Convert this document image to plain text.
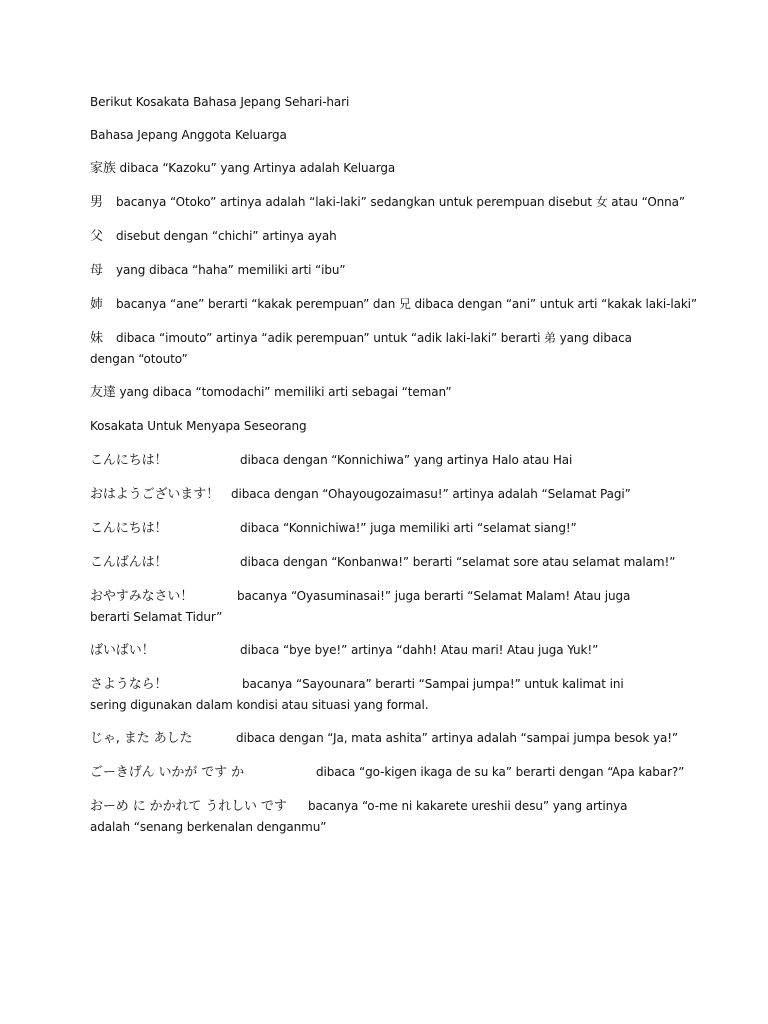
Berikut Kosakata Bahasa Jepang Sehari-hari
Bahasa Jepang Anggota Keluarga
家族 dibaca “Kazoku” yang Artinya adalah Keluarga
男 bacanya “Otoko” artinya adalah “laki-laki” sedangkan untuk perempuan disebut 女 atau “Onna”
父 disebut dengan “chichi” artinya ayah
母 yang dibaca “haha” memiliki arti “ibu”
姉 bacanya “ane” berarti “kakak perempuan” dan 兄 dibaca dengan “ani” untuk arti “kakak laki-laki”
妹 dibaca “imouto” artinya “adik perempuan” untuk “adik laki-laki” berarti 弟 yang dibaca dengan “otouto”
友達 yang dibaca “tomodachi” memiliki arti sebagai “teman”
Kosakata Untuk Menyapa Seseorang
こんにちは！	dibaca dengan “Konnichiwa” yang artinya Halo atau Hai
おはようございます！ dibaca dengan “Ohayougozaimasu!” artinya adalah “Selamat Pagi”
こんにちは！	dibaca “Konnichiwa!” juga memiliki arti “selamat siang!”
こんばんは！	dibaca dengan “Konbanwa!” berarti “selamat sore atau selamat malam!”
おやすみなさい！	bacanya “Oyasuminasai!” juga berarti “Selamat Malam! Atau juga berarti Selamat Tidur”
ばいばい！	dibaca “bye bye!” artinya “dahh! Atau mari! Atau juga Yuk!”
さようなら！	bacanya “Sayounara” berarti “Sampai jumpa!” untuk kalimat ini sering digunakan dalam kondisi atau situasi yang formal.
じゃ, また あした	dibaca dengan “Ja, mata ashita” artinya adalah “sampai jumpa besok ya!”
ごーきげん いかが です か	dibaca “go-kigen ikaga de su ka” berarti dengan “Apa kabar?”
おーめ に かかれて うれしい です bacanya “o-me ni kakarete ureshii desu” yang artinya adalah “senang berkenalan denganmu”
